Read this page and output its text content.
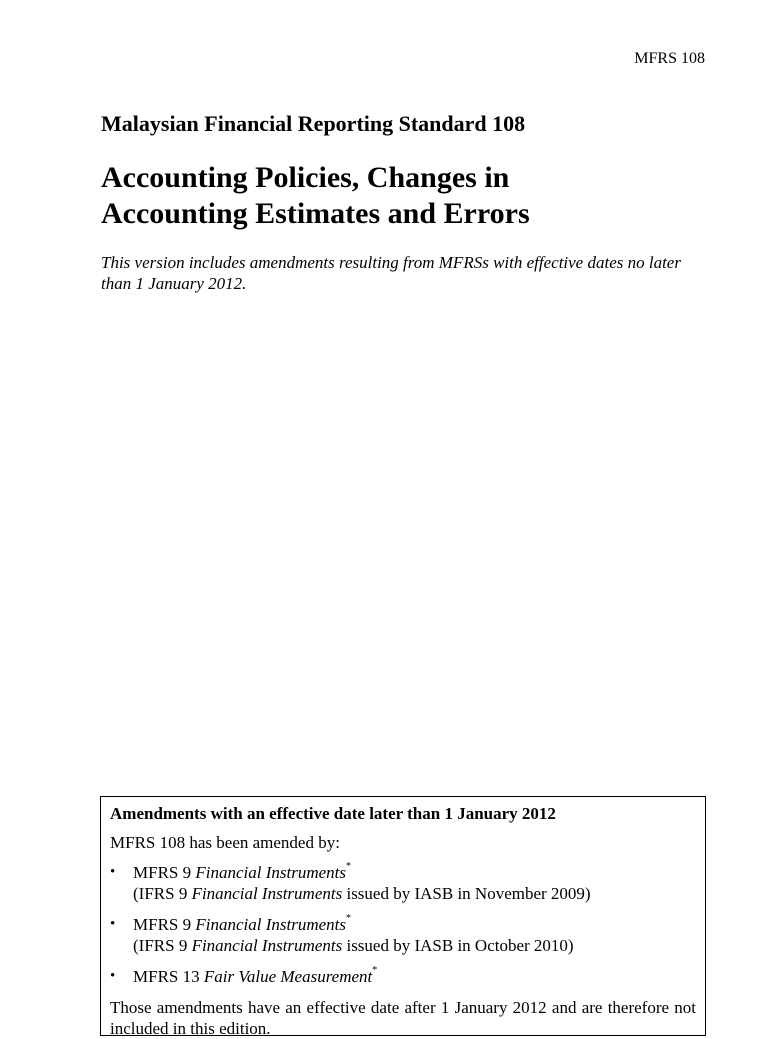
MFRS 108
Malaysian Financial Reporting Standard 108
Accounting Policies, Changes in
Accounting Estimates and Errors

This version includes amendments resulting from MFRSs with effective dates no later than 1 January 2012.

Amendments with an effective date later than 1 January 2012

MFRS 108 has been amended by:

• MFRS 9 Financial Instruments*
(IFRS 9 Financial Instruments issued by IASB in November 2009)
• MFRS 9 Financial Instruments*
(IFRS 9 Financial Instruments issued by IASB in October 2010)
• MFRS 13 Fair Value Measurement*

Those amendments have an effective date after 1 January 2012 and are therefore not included in this edition.
